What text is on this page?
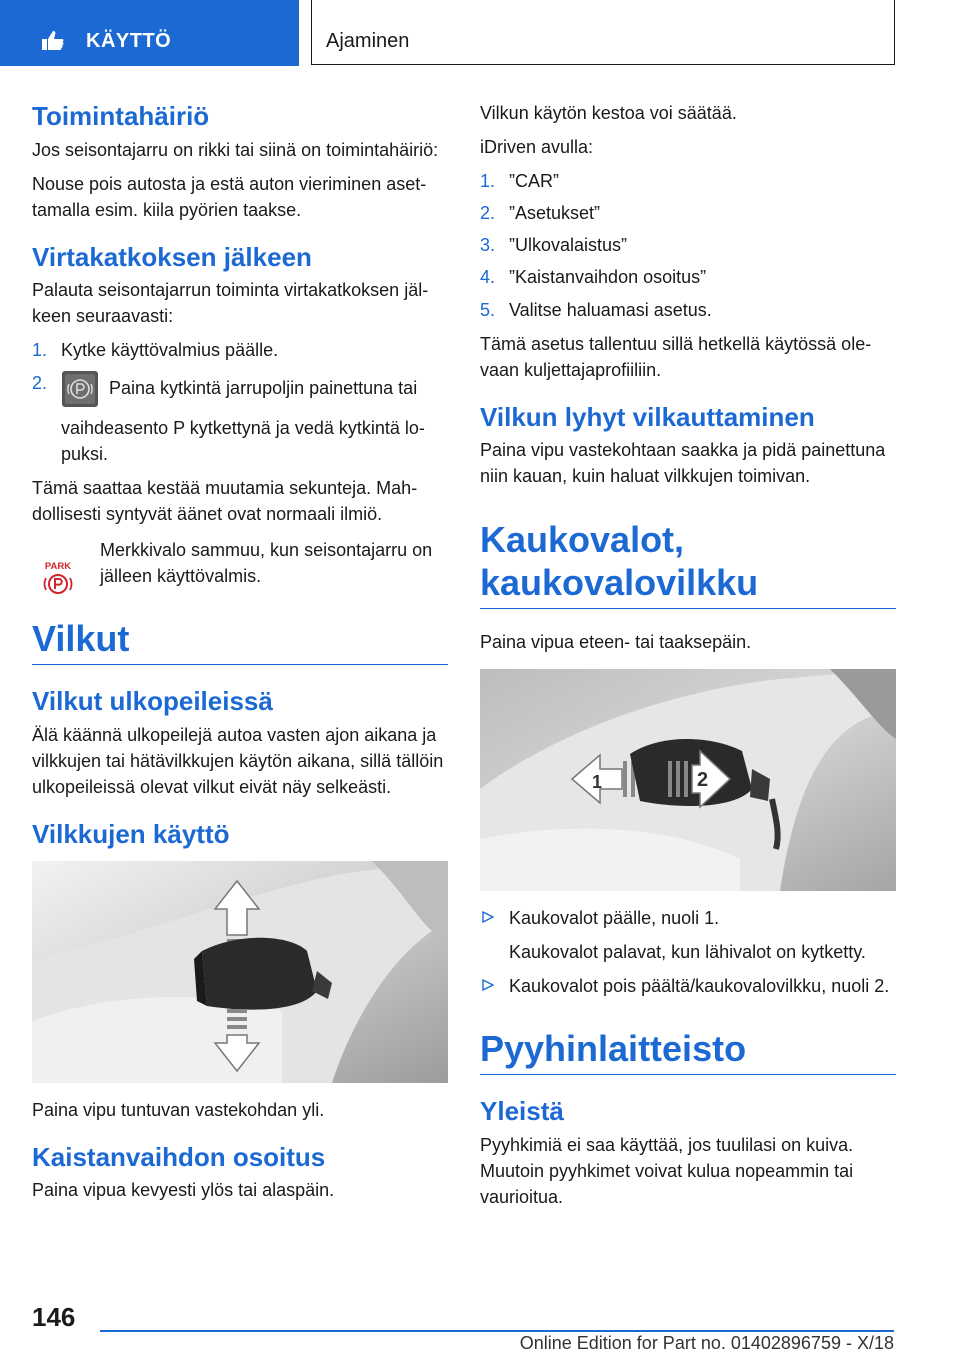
KÄYTTÖ	Ajaminen
Toimintahäiriö

Jos seisontajarru on rikki tai siinä on toimintahäiriö:

Nouse pois autosta ja estä auton vieriminen asettamalla esim. kiila pyörien taakse.

Virtakatkoksen jälkeen

Palauta seisontajarrun toiminta virtakatkoksen jälkeen seuraavasti:

1. Kytke käyttövalmius päälle.
2.	Paina kytkintä jarrupoljin painettuna tai vaihdeasento P kytkettynä ja vedä kytkintä lopuksi.

Tämä saattaa kestää muutamia sekunteja. Mahdollisesti syntyvät äänet ovat normaali ilmiö.

PARK

Merkkivalo sammuu, kun seisontajarru on jälleen käyttövalmis.

Vilkut
Vilkut ulkopeileissä

Älä käännä ulkopeilejä autoa vasten ajon aikana ja vilkkujen tai hätävilkkujen käytön aikana, sillä tällöin ulkopeileissä olevat vilkut eivät näy selkeästi.

Vilkkujen käyttö

Paina vipu tuntuvan vastekohdan yli.

Kaistanvaihdon osoitus

Paina vipua kevyesti ylös tai alaspäin.

Vilkun käytön kestoa voi säätää.

iDriven avulla:

1. ”CAR”
2. ”Asetukset”
3. ”Ulkovalaistus”
4. ”Kaistanvaihdon osoitus”
5. Valitse haluamasi asetus.

Tämä asetus tallentuu sillä hetkellä käytössä olevaan kuljettajaprofiiliin.

Vilkun lyhyt vilkauttaminen

Paina vipu vastekohtaan saakka ja pidä painettuna niin kauan, kuin haluat vilkkujen toimivan.

Kaukovalot, kaukovalovilkku

Paina vipua eteen- tai taaksepäin.

1	2
Kaukovalot päälle, nuoli 1.
Kaukovalot palavat, kun lähivalot on kytketty.
Kaukovalot pois päältä/kaukovalovilkku, nuoli 2.
Pyyhinlaitteisto
Yleistä

Pyyhkimiä ei saa käyttää, jos tuulilasi on kuiva. Muutoin pyyhkimet voivat kulua nopeammin tai vaurioitua.

146
Online Edition for Part no. 01402896759 - X/18
